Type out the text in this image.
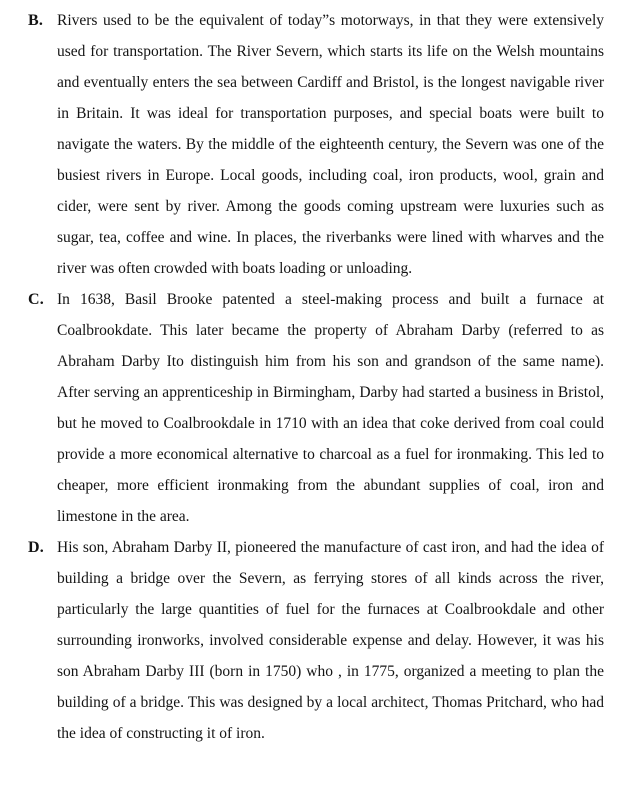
B. Rivers used to be the equivalent of today”s motorways, in that they were extensively used for transportation. The River Severn, which starts its life on the Welsh mountains and eventually enters the sea between Cardiff and Bristol, is the longest navigable river in Britain. It was ideal for transportation purposes, and special boats were built to navigate the waters. By the middle of the eighteenth century, the Severn was one of the busiest rivers in Europe. Local goods, including coal, iron products, wool, grain and cider, were sent by river. Among the goods coming upstream were luxuries such as sugar, tea, coffee and wine. In places, the riverbanks were lined with wharves and the river was often crowded with boats loading or unloading.
C. In 1638, Basil Brooke patented a steel-making process and built a furnace at Coalbrookdate. This later became the property of Abraham Darby (referred to as Abraham Darby Ito distinguish him from his son and grandson of the same name). After serving an apprenticeship in Birmingham, Darby had started a business in Bristol, but he moved to Coalbrookdale in 1710 with an idea that coke derived from coal could provide a more economical alternative to charcoal as a fuel for ironmaking. This led to cheaper, more efficient ironmaking from the abundant supplies of coal, iron and limestone in the area.
D. His son, Abraham Darby II, pioneered the manufacture of cast iron, and had the idea of building a bridge over the Severn, as ferrying stores of all kinds across the river, particularly the large quantities of fuel for the furnaces at Coalbrookdale and other surrounding ironworks, involved considerable expense and delay. However, it was his son Abraham Darby III (born in 1750) who , in 1775, organized a meeting to plan the building of a bridge. This was designed by a local architect, Thomas Pritchard, who had the idea of constructing it of iron.
